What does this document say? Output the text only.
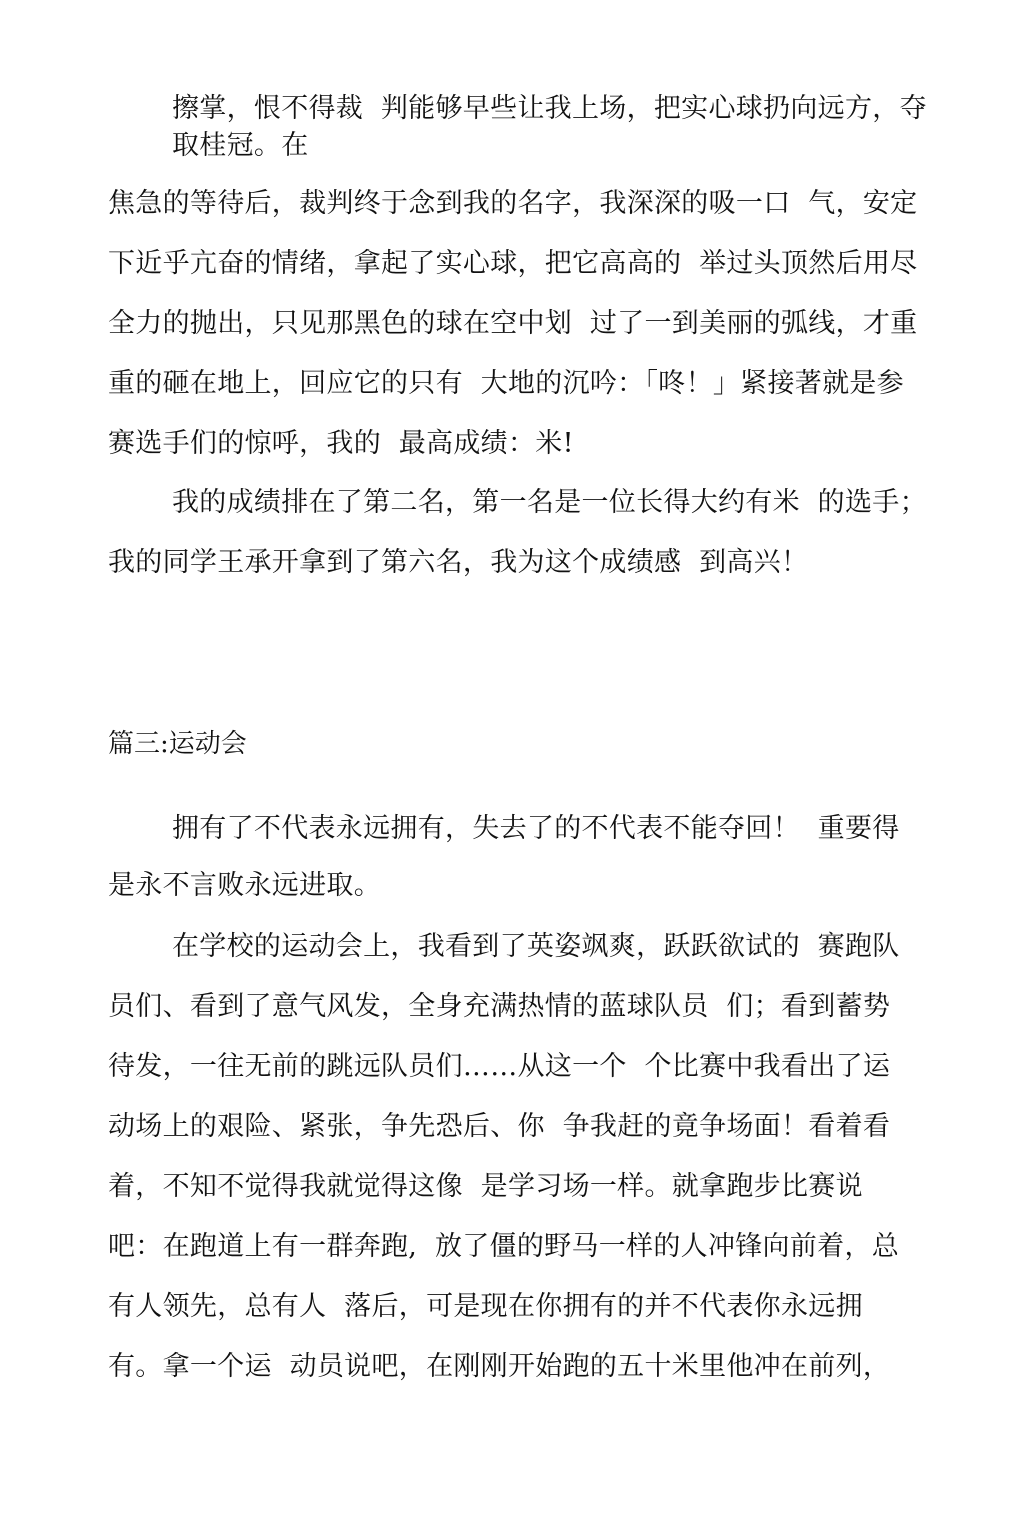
擦掌，恨不得裁  判能够早些让我上场，把实心球扔向远方，夺
取桂冠。在
焦急的等待后，裁判终于念到我的名字，我深深的吸一口  气，安定
下近乎亢奋的情绪，拿起了实心球，把它高高的  举过头顶然后用尽
全力的抛出，只见那黑色的球在空中划  过了一到美丽的弧线，才重
重的砸在地上，回应它的只有  大地的沉吟：「咚！」紧接著就是参
赛选手们的惊呼，我的  最高成绩：米!
我的成绩排在了第二名，第一名是一位长得大约有米  的选手；
我的同学王承开拿到了第六名，我为这个成绩感  到高兴！
篇三:运动会
拥有了不代表永远拥有，失去了的不代表不能夺回！  重要得
是永不言败永远进取。
在学校的运动会上，我看到了英姿飒爽，跃跃欲试的  赛跑队
员们、看到了意气风发，全身充满热情的蓝球队员  们；看到蓄势
待发，一往无前的跳远队员们……从这一个  个比赛中我看出了运
动场上的艰险、紧张，争先恐后、你  争我赶的竟争场面！看着看
着，不知不觉得我就觉得这像  是学习场一样。就拿跑步比赛说
吧：在跑道上有一群奔跑,  放了僵的野马一样的人冲锋向前着，总
有人领先，总有人  落后，可是现在你拥有的并不代表你永远拥
有。拿一个运  动员说吧，在刚刚开始跑的五十米里他冲在前列，
